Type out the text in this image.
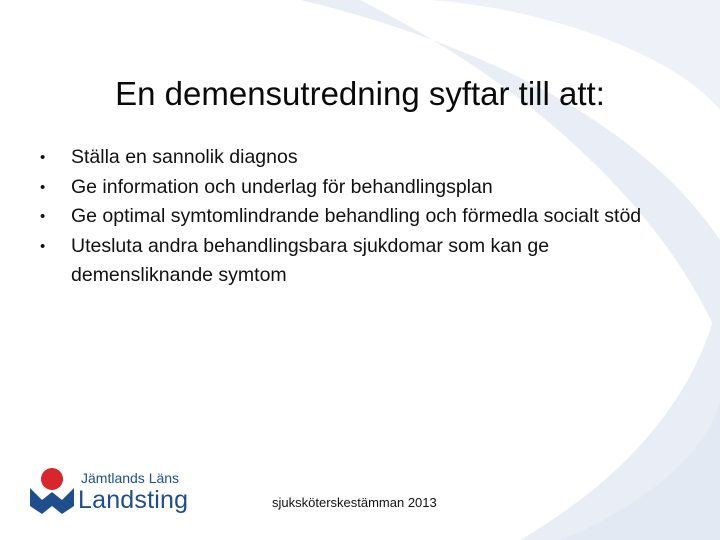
En demensutredning syftar till att:
•	Ställa en sannolik diagnos
•	Ge information och underlag för behandlingsplan
•	Ge optimal symtomlindrande behandling och förmedla socialt stöd
•	Utesluta andra behandlingsbara sjukdomar som kan ge demensliknande symtom
Jämtlands Läns
Landsting	sjuksköterskestämman 2013
